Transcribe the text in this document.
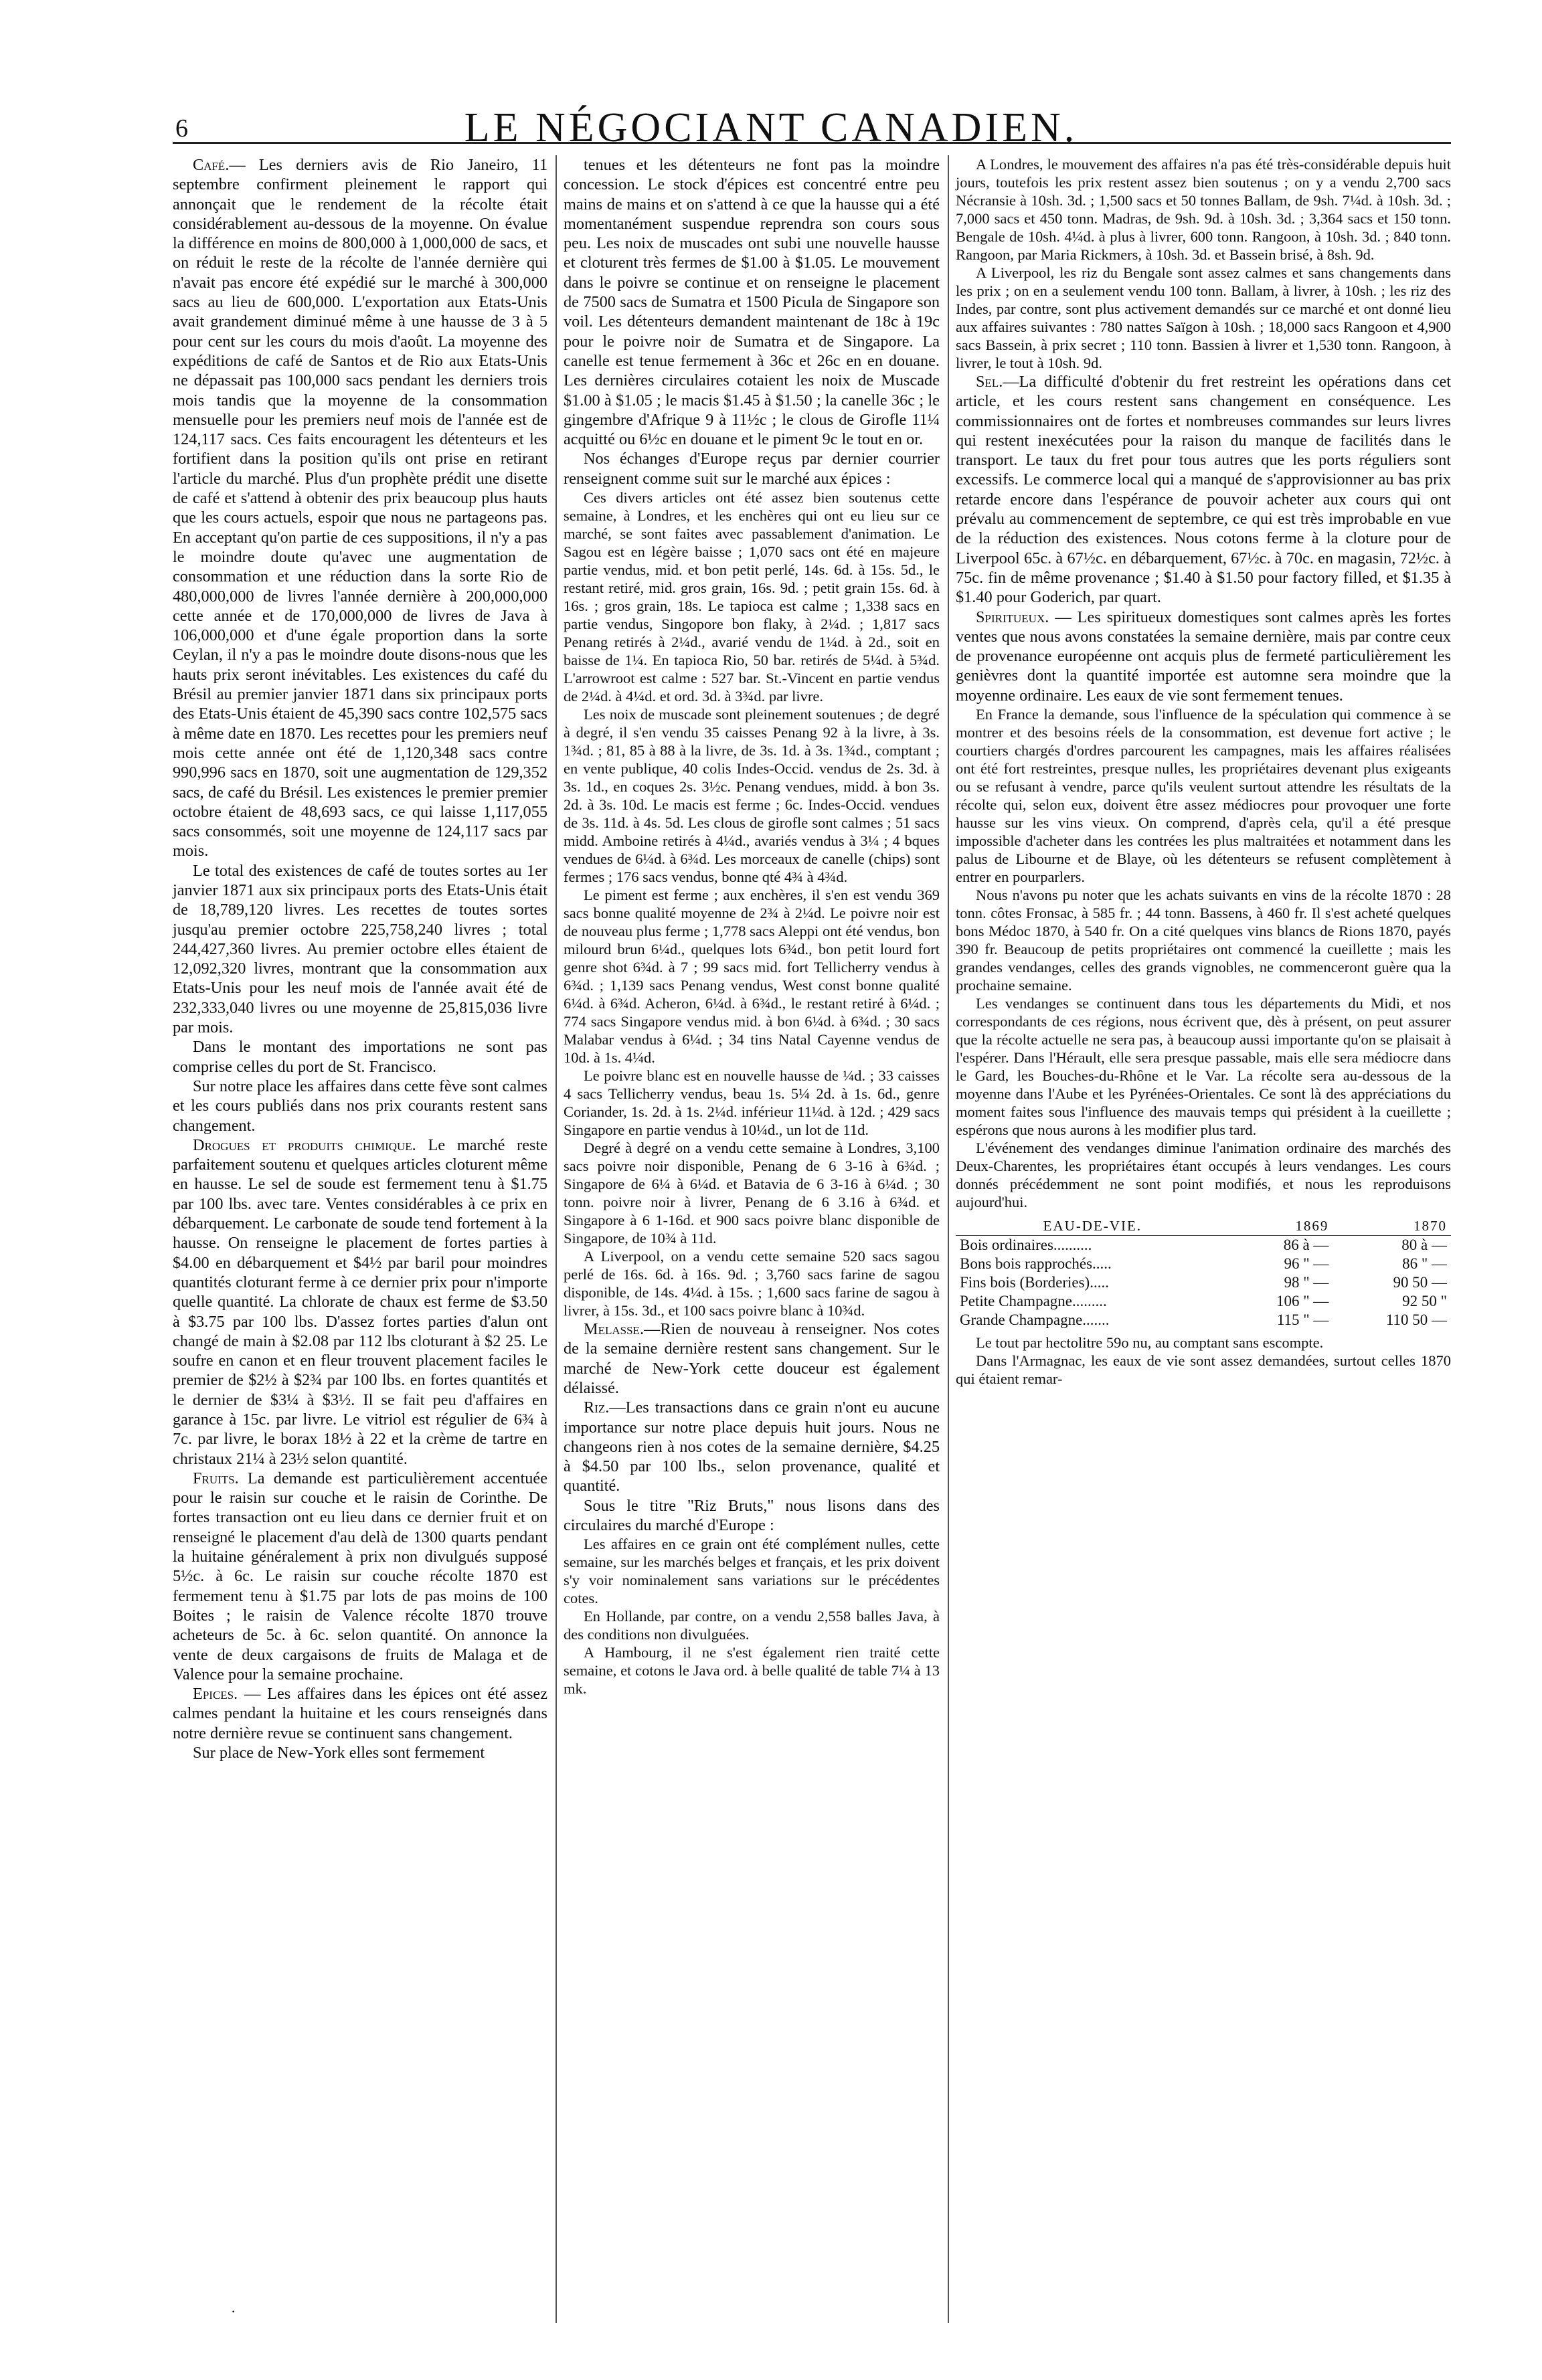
6	LE NÉGOCIANT CANADIEN.

Café.— Les derniers avis de Rio Janeiro, 11 septembre confirment pleinement le rapport qui annonçait que le rendement de la récolte était considérablement au-dessous de la moyenne. On évalue la différence en moins de 800,000 à 1,000,000 de sacs, et on réduit le reste de la récolte de l'année dernière qui n'avait pas encore été expédié sur le marché à 300,000 sacs au lieu de 600,000. L'exportation aux Etats-Unis avait grandement diminué même à une hausse de 3 à 5 pour cent sur les cours du mois d'août. La moyenne des expéditions de café de Santos et de Rio aux Etats-Unis ne dépassait pas 100,000 sacs pendant les derniers trois mois tandis que la moyenne de la consommation mensuelle pour les premiers neuf mois de l'année est de 124,117 sacs. Ces faits encouragent les détenteurs et les fortifient dans la position qu'ils ont prise en retirant l'article du marché. Plus d'un prophète prédit une disette de café et s'attend à obtenir des prix beaucoup plus hauts que les cours actuels, espoir que nous ne partageons pas. En acceptant qu'on partie de ces suppositions, il n'y a pas le moindre doute qu'avec une augmentation de consommation et une réduction dans la sorte Rio de 480,000,000 de livres l'année dernière à 200,000,000 cette année et de 170,000,000 de livres de Java à 106,000,000 et d'une égale proportion dans la sorte Ceylan, il n'y a pas le moindre doute disons-nous que les hauts prix seront inévitables. Les existences du café du Brésil au premier janvier 1871 dans six principaux ports des Etats-Unis étaient de 45,390 sacs contre 102,575 sacs à même date en 1870. Les recettes pour les premiers neuf mois cette année ont été de 1,120,348 sacs contre 990,996 sacs en 1870, soit une augmentation de 129,352 sacs, de café du Brésil. Les existences le premier premier octobre étaient de 48,693 sacs, ce qui laisse 1,117,055 sacs consommés, soit une moyenne de 124,117 sacs par mois.

Le total des existences de café de toutes sortes au 1er janvier 1871 aux six principaux ports des Etats-Unis était de 18,789,120 livres. Les recettes de toutes sortes jusqu'au premier octobre 225,758,240 livres ; total 244,427,360 livres. Au premier octobre elles étaient de 12,092,320 livres, montrant que la consommation aux Etats-Unis pour les neuf mois de l'année avait été de 232,333,040 livres ou une moyenne de 25,815,036 livre par mois.

Dans le montant des importations ne sont pas comprise celles du port de St. Francisco.

Sur notre place les affaires dans cette fève sont calmes et les cours publiés dans nos prix courants restent sans changement.

Drogues et produits chimique. Le marché reste parfaitement soutenu et quelques articles cloturent même en hausse. Le sel de soude est fermement tenu à $1.75 par 100 lbs. avec tare. Ventes considérables à ce prix en débarquement. Le carbonate de soude tend fortement à la hausse. On renseigne le placement de fortes parties à $4.00 en débarquement et $4½ par baril pour moindres quantités cloturant ferme à ce dernier prix pour n'importe quelle quantité. La chlorate de chaux est ferme de $3.50 à $3.75 par 100 lbs. D'assez fortes parties d'alun ont changé de main à $2.08 par 112 lbs cloturant à $2 25. Le soufre en canon et en fleur trouvent placement faciles le premier de $2½ à $2¾ par 100 lbs. en fortes quantités et le dernier de $3¼ à $3½. Il se fait peu d'affaires en garance à 15c. par livre. Le vitriol est régulier de 6¾ à 7c. par livre, le borax 18½ à 22 et la crème de tartre en christaux 21¼ à 23½ selon quantité.

Fruits. La demande est particulièrement accentuée pour le raisin sur couche et le raisin de Corinthe. De fortes transaction ont eu lieu dans ce dernier fruit et on renseigné le placement d'au delà de 1300 quarts pendant la huitaine généralement à prix non divulgués supposé 5½c. à 6c. Le raisin sur couche récolte 1870 est fermement tenu à $1.75 par lots de pas moins de 100 Boites ; le raisin de Valence récolte 1870 trouve acheteurs de 5c. à 6c. selon quantité. On annonce la vente de deux cargaisons de fruits de Malaga et de Valence pour la semaine prochaine.

Epices. — Les affaires dans les épices ont été assez calmes pendant la huitaine et les cours renseignés dans notre dernière revue se continuent sans changement.

Sur place de New-York elles sont fermement

tenues et les détenteurs ne font pas la moindre concession. Le stock d'épices est concentré entre peu mains de mains et on s'attend à ce que la hausse qui a été momentanément suspendue reprendra son cours sous peu. Les noix de muscades ont subi une nouvelle hausse et cloturent très fermes de $1.00 à $1.05. Le mouvement dans le poivre se continue et on renseigne le placement de 7500 sacs de Sumatra et 1500 Picula de Singapore son voil. Les détenteurs demandent maintenant de 18c à 19c pour le poivre noir de Sumatra et de Singapore. La canelle est tenue fermement à 36c et 26c en en douane. Les dernières circulaires cotaient les noix de Muscade $1.00 à $1.05 ; le macis $1.45 à $1.50 ; la canelle 36c ; le gingembre d'Afrique 9 à 11½c ; le clous de Girofle 11¼ acquitté ou 6½c en douane et le piment 9c le tout en or.

Nos échanges d'Europe reçus par dernier courrier renseignent comme suit sur le marché aux épices :

Ces divers articles ont été assez bien soutenus cette semaine, à Londres, et les enchères qui ont eu lieu sur ce marché, se sont faites avec passablement d'animation. Le Sagou est en légère baisse ; 1,070 sacs ont été en majeure partie vendus, mid. et bon petit perlé, 14s. 6d. à 15s. 5d., le restant retiré, mid. gros grain, 16s. 9d. ; petit grain 15s. 6d. à 16s. ; gros grain, 18s. Le tapioca est calme ; 1,338 sacs en partie vendus, Singopore bon flaky, à 2¼d. ; 1,817 sacs Penang retirés à 2¼d., avarié vendu de 1¼d. à 2d., soit en baisse de 1¼. En tapioca Rio, 50 bar. retirés de 5¼d. à 5¾d. L'arrowroot est calme : 527 bar. St.-Vincent en partie vendus de 2¼d. à 4¼d. et ord. 3d. à 3¾d. par livre.

Les noix de muscade sont pleinement soutenues ; de degré à degré, il s'en vendu 35 caisses Penang 92 à la livre, à 3s. 1¾d. ; 81, 85 à 88 à la livre, de 3s. 1d. à 3s. 1¾d., comptant ; en vente publique, 40 colis Indes-Occid. vendus de 2s. 3d. à 3s. 1d., en coques 2s. 3½c. Penang vendues, midd. à bon 3s. 2d. à 3s. 10d. Le macis est ferme ; 6c. Indes-Occid. vendues de 3s. 11d. à 4s. 5d. Les clous de girofle sont calmes ; 51 sacs midd. Amboine retirés à 4¼d., avariés vendus à 3¼ ; 4 bques vendues de 6¼d. à 6¾d. Les morceaux de canelle (chips) sont fermes ; 176 sacs vendus, bonne qté 4¾ à 4¾d.

Le piment est ferme ; aux enchères, il s'en est vendu 369 sacs bonne qualité moyenne de 2¾ à 2¼d. Le poivre noir est de nouveau plus ferme ; 1,778 sacs Aleppi ont été vendus, bon milourd brun 6¼d., quelques lots 6¾d., bon petit lourd fort genre shot 6¾d. à 7 ; 99 sacs mid. fort Tellicherry vendus à 6¾d. ; 1,139 sacs Penang vendus, West const bonne qualité 6¼d. à 6¾d. Acheron, 6¼d. à 6¾d., le restant retiré à 6¼d. ; 774 sacs Singapore vendus mid. à bon 6¼d. à 6¾d. ; 30 sacs Malabar vendus à 6¼d. ; 34 tins Natal Cayenne vendus de 10d. à 1s. 4¼d.

Le poivre blanc est en nouvelle hausse de ¼d. ; 33 caisses 4 sacs Tellicherry vendus, beau 1s. 5¼ 2d. à 1s. 6d., genre Coriander, 1s. 2d. à 1s. 2¼d. inférieur 11¼d. à 12d. ; 429 sacs Singapore en partie vendus à 10¼d., un lot de 11d.

Degré à degré on a vendu cette semaine à Londres, 3,100 sacs poivre noir disponible, Penang de 6 3-16 à 6¾d. ; Singapore de 6¼ à 6¼d. et Batavia de 6 3-16 à 6¼d. ; 30 tonn. poivre noir à livrer, Penang de 6 3.16 à 6¾d. et Singapore à 6 1-16d. et 900 sacs poivre blanc disponible de Singapore, de 10¾ à 11d.

A Liverpool, on a vendu cette semaine 520 sacs sagou perlé de 16s. 6d. à 16s. 9d. ; 3,760 sacs farine de sagou disponible, de 14s. 4¼d. à 15s. ; 1,600 sacs farine de sagou à livrer, à 15s. 3d., et 100 sacs poivre blanc à 10¾d.

Melasse.—Rien de nouveau à renseigner. Nos cotes de la semaine dernière restent sans changement. Sur le marché de New-York cette douceur est également délaissé.

Riz.—Les transactions dans ce grain n'ont eu aucune importance sur notre place depuis huit jours. Nous ne changeons rien à nos cotes de la semaine dernière, $4.25 à $4.50 par 100 lbs., selon provenance, qualité et quantité.

Sous le titre "Riz Bruts," nous lisons dans des circulaires du marché d'Europe :

Les affaires en ce grain ont été complément nulles, cette semaine, sur les marchés belges et français, et les prix doivent s'y voir nominalement sans variations sur le précédentes cotes.

En Hollande, par contre, on a vendu 2,558 balles Java, à des conditions non divulguées.

A Hambourg, il ne s'est également rien traité cette semaine, et cotons le Java ord. à belle qualité de table 7¼ à 13 mk.

A Londres, le mouvement des affaires n'a pas été très-considérable depuis huit jours, toutefois les prix restent assez bien soutenus ; on y a vendu 2,700 sacs Nécransie à 10sh. 3d. ; 1,500 sacs et 50 tonnes Ballam, de 9sh. 7¼d. à 10sh. 3d. ; 7,000 sacs et 450 tonn. Madras, de 9sh. 9d. à 10sh. 3d. ; 3,364 sacs et 150 tonn. Bengale de 10sh. 4¼d. à plus à livrer, 600 tonn. Rangoon, à 10sh. 3d. ; 840 tonn. Rangoon, par Maria Rickmers, à 10sh. 3d. et Bassein brisé, à 8sh. 9d.

A Liverpool, les riz du Bengale sont assez calmes et sans changements dans les prix ; on en a seulement vendu 100 tonn. Ballam, à livrer, à 10sh. ; les riz des Indes, par contre, sont plus activement demandés sur ce marché et ont donné lieu aux affaires suivantes : 780 nattes Saïgon à 10sh. ; 18,000 sacs Rangoon et 4,900 sacs Bassein, à prix secret ; 110 tonn. Bassien à livrer et 1,530 tonn. Rangoon, à livrer, le tout à 10sh. 9d.

Sel.—La difficulté d'obtenir du fret restreint les opérations dans cet article, et les cours restent sans changement en conséquence. Les commissionnaires ont de fortes et nombreuses commandes sur leurs livres qui restent inexécutées pour la raison du manque de facilités dans le transport. Le taux du fret pour tous autres que les ports réguliers sont excessifs. Le commerce local qui a manqué de s'approvisionner au bas prix retarde encore dans l'espérance de pouvoir acheter aux cours qui ont prévalu au commencement de septembre, ce qui est très improbable en vue de la réduction des existences. Nous cotons ferme à la cloture pour de Liverpool 65c. à 67½c. en débarquement, 67½c. à 70c. en magasin, 72½c. à 75c. fin de même provenance ; $1.40 à $1.50 pour factory filled, et $1.35 à $1.40 pour Goderich, par quart.

Spiritueux. — Les spiritueux domestiques sont calmes après les fortes ventes que nous avons constatées la semaine dernière, mais par contre ceux de provenance européenne ont acquis plus de fermeté particulièrement les genièvres dont la quantité importée est automne sera moindre que la moyenne ordinaire. Les eaux de vie sont fermement tenues.

En France la demande, sous l'influence de la spéculation qui commence à se montrer et des besoins réels de la consommation, est devenue fort active ; le courtiers chargés d'ordres parcourent les campagnes, mais les affaires réalisées ont été fort restreintes, presque nulles, les propriétaires devenant plus exigeants ou se refusant à vendre, parce qu'ils veulent surtout attendre les résultats de la récolte qui, selon eux, doivent être assez médiocres pour provoquer une forte hausse sur les vins vieux. On comprend, d'après cela, qu'il a été presque impossible d'acheter dans les contrées les plus maltraitées et notamment dans les palus de Libourne et de Blaye, où les détenteurs se refusent complètement à entrer en pourparlers.

Nous n'avons pu noter que les achats suivants en vins de la récolte 1870 : 28 tonn. côtes Fronsac, à 585 fr. ; 44 tonn. Bassens, à 460 fr. Il s'est acheté quelques bons Médoc 1870, à 540 fr. On a cité quelques vins blancs de Rions 1870, payés 390 fr. Beaucoup de petits propriétaires ont commencé la cueillette ; mais les grandes vendanges, celles des grands vignobles, ne commenceront guère qua la prochaine semaine.

Les vendanges se continuent dans tous les départements du Midi, et nos correspondants de ces régions, nous écrivent que, dès à présent, on peut assurer que la récolte actuelle ne sera pas, à beaucoup aussi importante qu'on se plaisait à l'espérer. Dans l'Hérault, elle sera presque passable, mais elle sera médiocre dans le Gard, les Bouches-du-Rhône et le Var. La récolte sera au-dessous de la moyenne dans l'Aube et les Pyrénées-Orientales. Ce sont là des appréciations du moment faites sous l'influence des mauvais temps qui président à la cueillette ; espérons que nous aurons à les modifier plus tard.

L'événement des vendanges diminue l'animation ordinaire des marchés des Deux-Charentes, les propriétaires étant occupés à leurs vendanges. Les cours donnés précédemment ne sont point modifiés, et nous les reproduisons aujourd'hui.

EAU-DE-VIE.	1869	1870
Bois ordinaires..........	86 à —	80 à —
Bons bois rapprochés.....	96 " —	86 " —
Fins bois (Borderies).....	98 " —	90 50 —
Petite Champagne.........	106 " —	92 50 "
Grande Champagne.......	115 " —	110 50 —

Le tout par hectolitre 59o nu, au comptant sans escompte.

Dans l'Armagnac, les eaux de vie sont assez demandées, surtout celles 1870 qui étaient remar-

·
